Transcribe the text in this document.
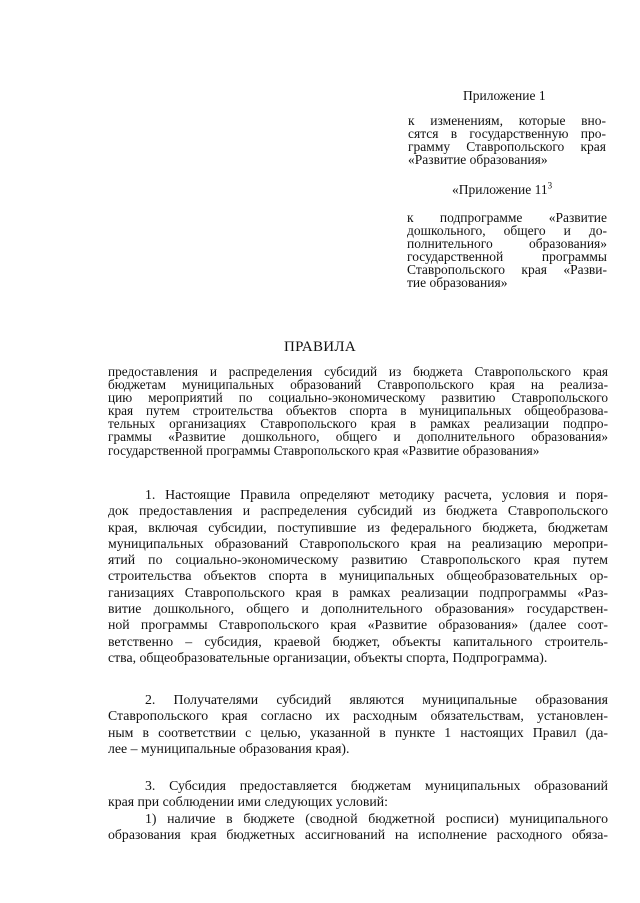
Приложение 1
к изменениям, которые вно-
сятся в государственную про-
грамму Ставропольского края
«Развитие образования»
«Приложение $11^3$
к подпрограмме «Развитие
дошкольного, общего и до-
полнительного образования»
государственной программы
Ставропольского края «Разви-
тие образования»
ПРАВИЛА
предоставления и распределения субсидий из бюджета Ставропольского края
бюджетам муниципальных образований Ставропольского края на реализа-
цию мероприятий по социально-экономическому развитию Ставропольского
края путем строительства объектов спорта в муниципальных общеобразова-
тельных организациях Ставропольского края в рамках реализации подпро-
граммы «Развитие дошкольного, общего и дополнительного образования»
государственной программы Ставропольского края «Развитие образования»
1. Настоящие Правила определяют методику расчета, условия и поря-
док предоставления и распределения субсидий из бюджета Ставропольского
края, включая субсидии, поступившие из федерального бюджета, бюджетам
муниципальных образований Ставропольского края на реализацию меропри-
ятий по социально-экономическому развитию Ставропольского края путем
строительства объектов спорта в муниципальных общеобразовательных ор-
ганизациях Ставропольского края в рамках реализации подпрограммы «Раз-
витие дошкольного, общего и дополнительного образования» государствен-
ной программы Ставропольского края «Развитие образования» (далее соот-
ветственно – субсидия, краевой бюджет, объекты капитального строитель-
ства, общеобразовательные организации, объекты спорта, Подпрограмма).
2. Получателями субсидий являются муниципальные образования
Ставропольского края согласно их расходным обязательствам, установлен-
ным в соответствии с целью, указанной в пункте 1 настоящих Правил (да-
лее – муниципальные образования края).
3. Субсидия предоставляется бюджетам муниципальных образований
края при соблюдении ими следующих условий:
1) наличие в бюджете (сводной бюджетной росписи) муниципального
образования края бюджетных ассигнований на исполнение расходного обяза-
